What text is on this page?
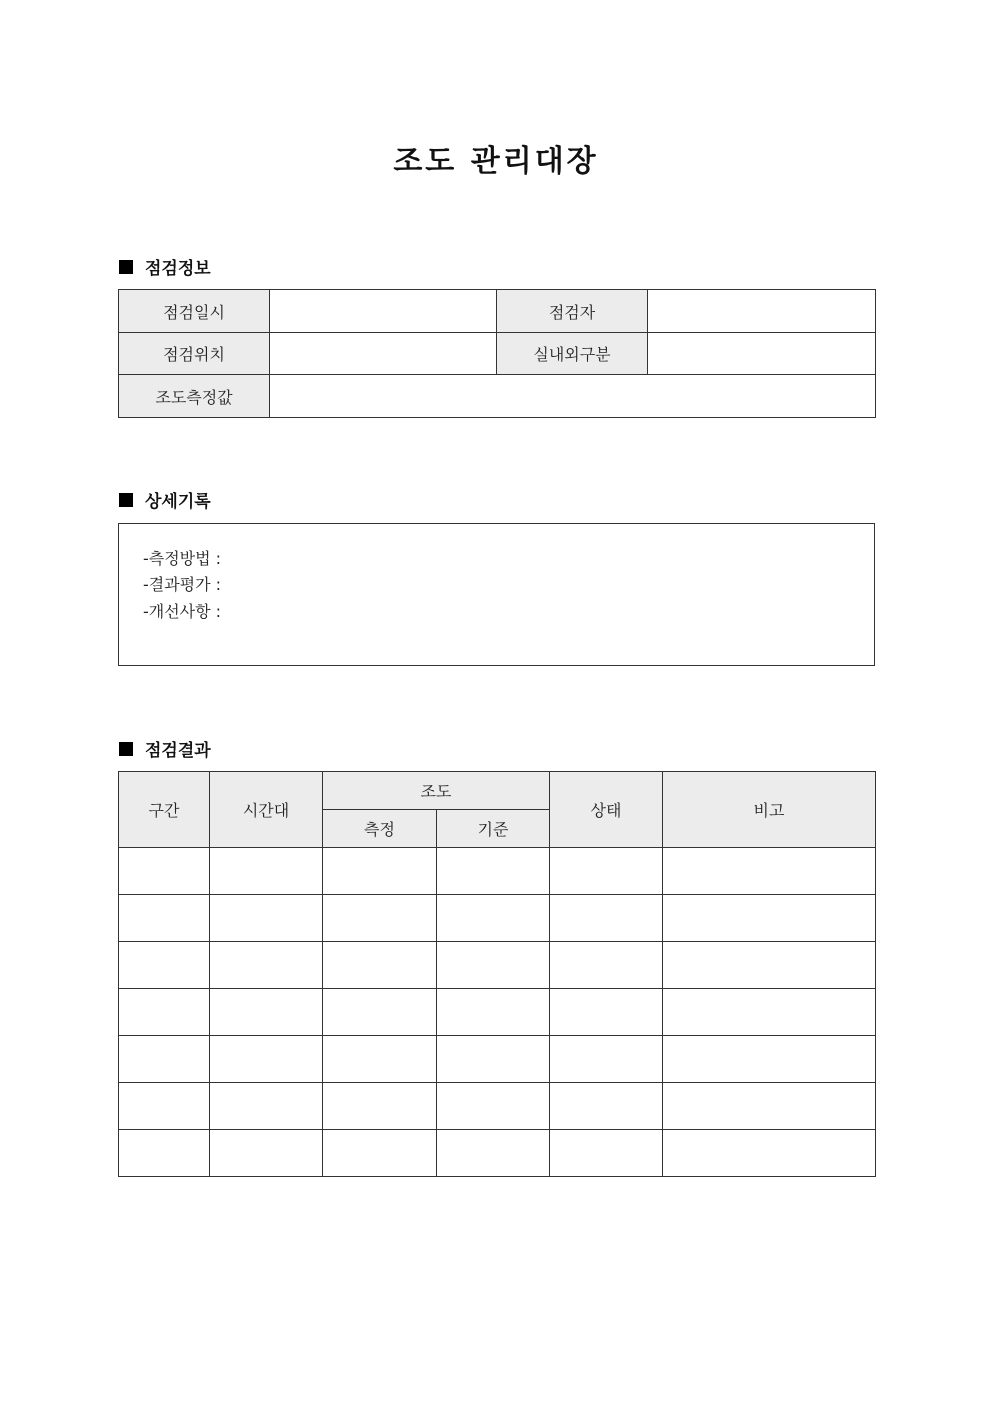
조도 관리대장
점검정보
점검일시		점검자	
점검위치		실내외구분	
조도측정값			
상세기록
-측정방법 :
-결과평가 :
-개선사항 :
점검결과
구간	시간대	조도		상태	비고
		측정	기준		
